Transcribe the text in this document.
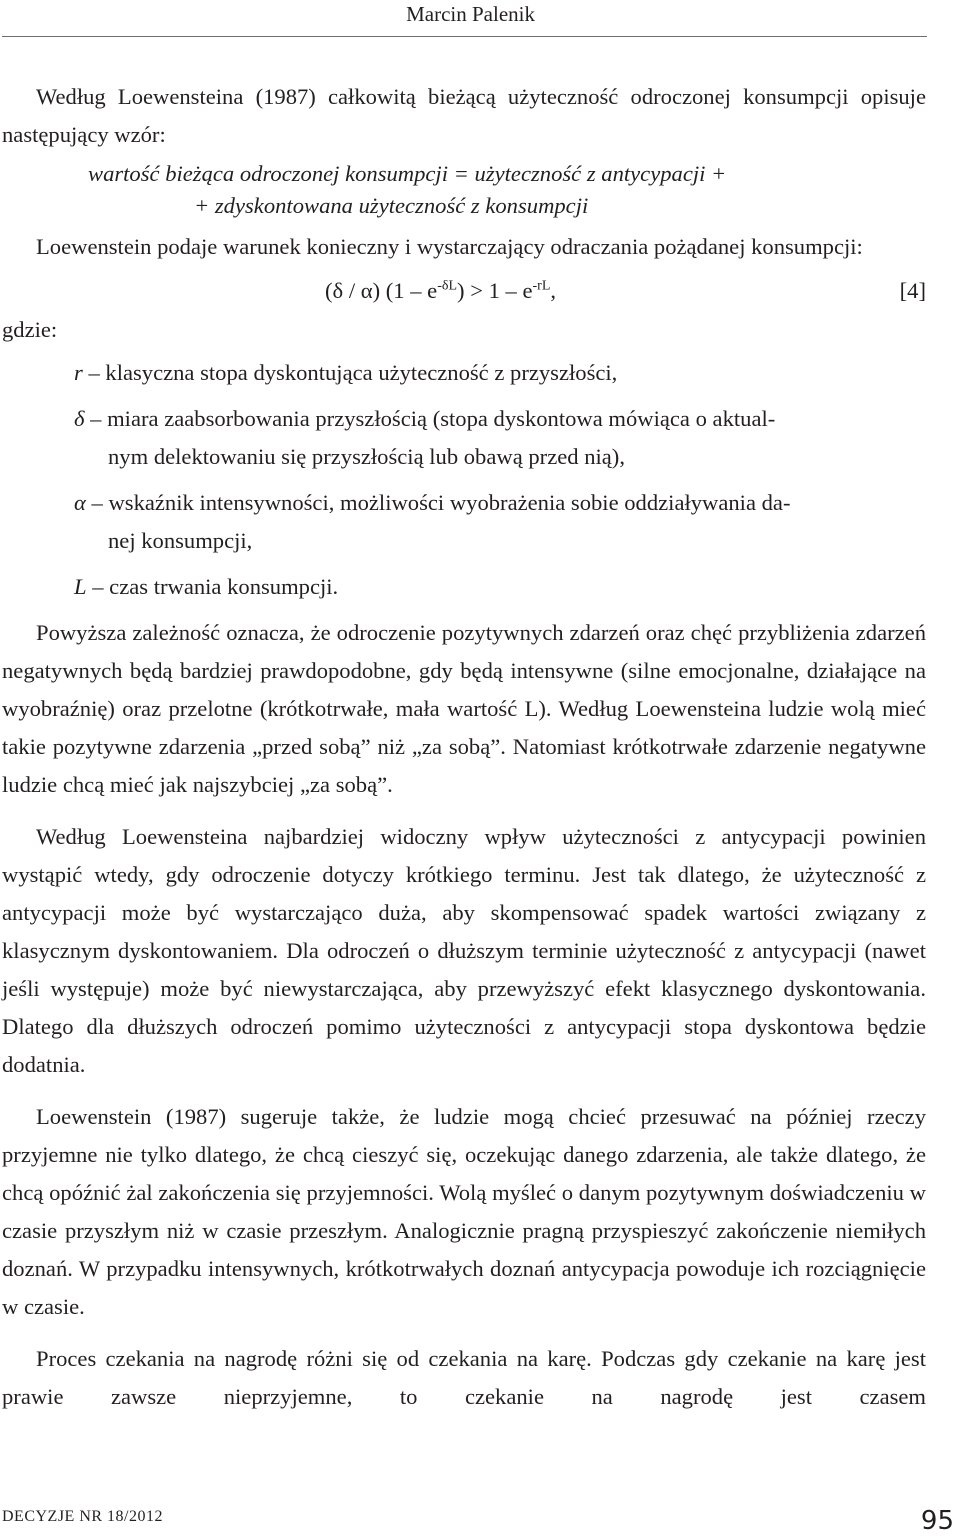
Marcin Palenik

Według Loewensteina (1987) całkowitą bieżącą użyteczność odroczonej konsumpcji opisuje następujący wzór:

wartość bieżąca odroczonej konsumpcji = użyteczność z antycypacji +
+ zdyskontowana użyteczność z konsumpcji

Loewenstein podaje warunek konieczny i wystarczający odraczania pożądanej konsumpcji:

(δ / α) $(1 - e^{-\delta L}) > 1 - e^{-rL}$,	[4]
gdzie:
r – klasyczna stopa dyskontująca użyteczność z przyszłości,
δ – miara zaabsorbowania przyszłością (stopa dyskontowa mówiąca o aktual-
nym delektowaniu się przyszłością lub obawą przed nią),
α – wskaźnik intensywności, możliwości wyobrażenia sobie oddziaływania da-
nej konsumpcji,
L – czas trwania konsumpcji.

Powyższa zależność oznacza, że odroczenie pozytywnych zdarzeń oraz chęć przybliżenia zdarzeń negatywnych będą bardziej prawdopodobne, gdy będą intensywne (silne emocjonalne, działające na wyobraźnię) oraz przelotne (krótkotrwałe, mała wartość L). Według Loewensteina ludzie wolą mieć takie pozytywne zdarzenia „przed sobą” niż „za sobą”. Natomiast krótkotrwałe zdarzenie negatywne ludzie chcą mieć jak najszybciej „za sobą”.

Według Loewensteina najbardziej widoczny wpływ użyteczności z antycypacji powinien wystąpić wtedy, gdy odroczenie dotyczy krótkiego terminu. Jest tak dlatego, że użyteczność z antycypacji może być wystarczająco duża, aby skompensować spadek wartości związany z klasycznym dyskontowaniem. Dla odroczeń o dłuższym terminie użyteczność z antycypacji (nawet jeśli występuje) może być niewystarczająca, aby przewyższyć efekt klasycznego dyskontowania. Dlatego dla dłuższych odroczeń pomimo użyteczności z antycypacji stopa dyskontowa będzie dodatnia.

Loewenstein (1987) sugeruje także, że ludzie mogą chcieć przesuwać na później rzeczy przyjemne nie tylko dlatego, że chcą cieszyć się, oczekując danego zdarzenia, ale także dlatego, że chcą opóźnić żal zakończenia się przyjemności. Wolą myśleć o danym pozytywnym doświadczeniu w czasie przyszłym niż w czasie przeszłym. Analogicznie pragną przyspieszyć zakończenie niemiłych doznań. W przypadku intensywnych, krótkotrwałych doznań antycypacja powoduje ich rozciągnięcie w czasie.

Proces czekania na nagrodę różni się od czekania na karę. Podczas gdy czekanie na karę jest prawie zawsze nieprzyjemne, to czekanie na nagrodę jest czasem

DECYZJE NR 18/2012	95
